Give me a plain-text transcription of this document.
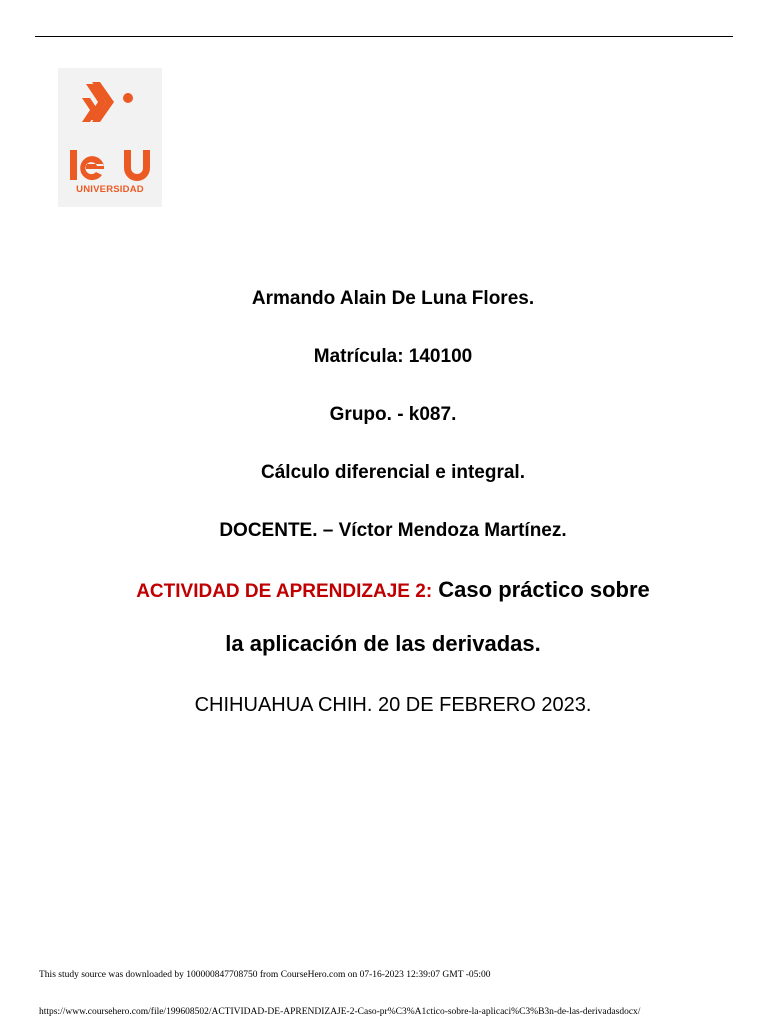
UNIVERSIDAD
Armando Alain De Luna Flores.
Matrícula: 140100
Grupo. - k087.
Cálculo diferencial e integral.
DOCENTE. – Víctor Mendoza Martínez.
ACTIVIDAD DE APRENDIZAJE 2: Caso práctico sobre
la aplicación de las derivadas.
CHIHUAHUA CHIH. 20 DE FEBRERO 2023.
This study source was downloaded by 100000847708750 from CourseHero.com on 07-16-2023 12:39:07 GMT -05:00
https://www.coursehero.com/file/199608502/ACTIVIDAD-DE-APRENDIZAJE-2-Caso-pr%C3%A1ctico-sobre-la-aplicaci%C3%B3n-de-las-derivadasdocx/
